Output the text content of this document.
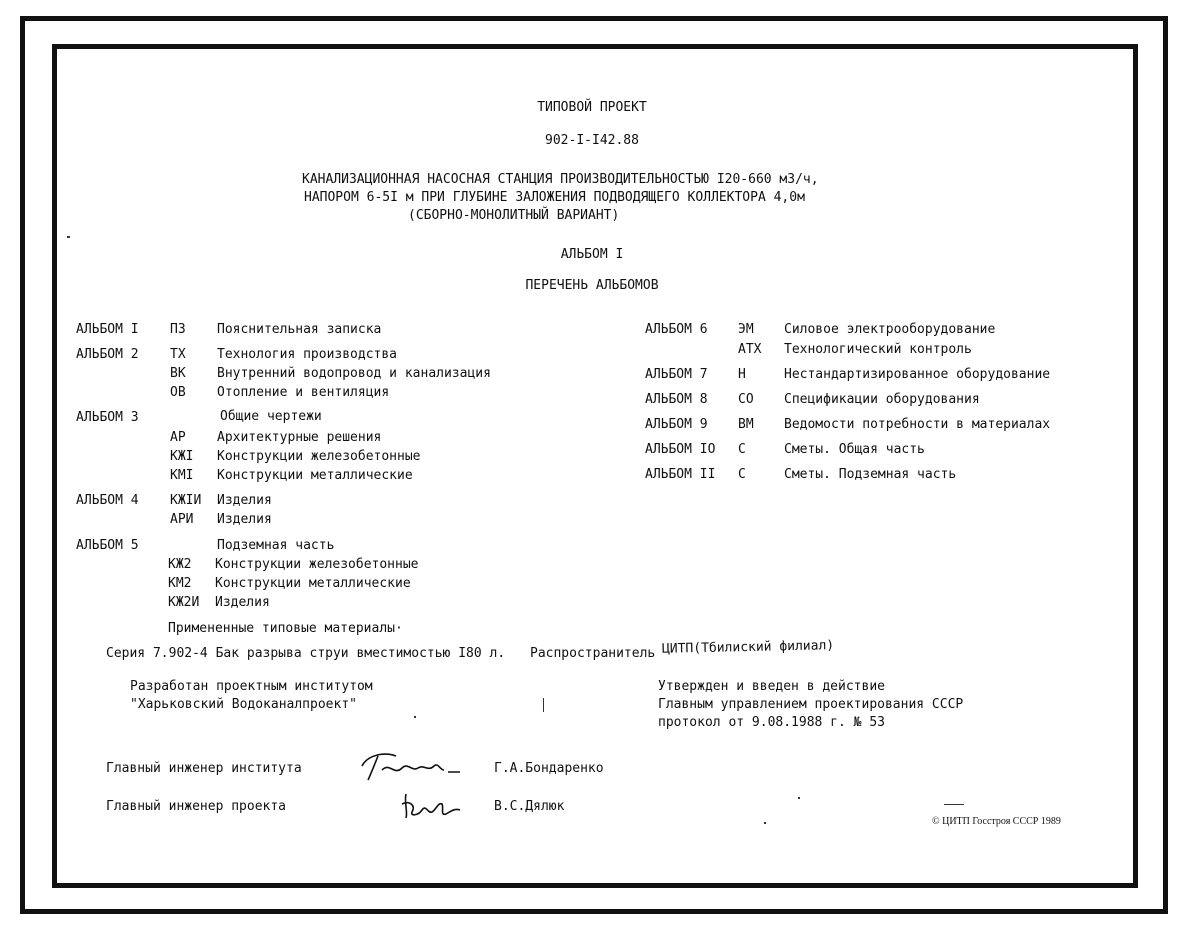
ТИПОВОЙ ПРОЕКТ
902-I-I42.88
КАНАЛИЗАЦИОННАЯ НАСОСНАЯ СТАНЦИЯ ПРОИЗВОДИТЕЛЬНОСТЬЮ I20-660 м3/ч,
НАПОРОМ 6-5I м ПРИ ГЛУБИНЕ ЗАЛОЖЕНИЯ ПОДВОДЯЩЕГО КОЛЛЕКТОРА 4,0м
(СБОРНО-МОНОЛИТНЫЙ ВАРИАНТ)
АЛЬБОМ I
ПЕРЕЧЕНЬ АЛЬБОМОВ
АЛЬБОМ I ПЗ Пояснительная записка
АЛЬБОМ 2 ТХ Технология производства
ВК Внутренний водопровод и канализация
ОВ Отопление и вентиляция
АЛЬБОМ 3	Общие чертежи
АР Архитектурные решения
КЖI Конструкции железобетонные
КМI Конструкции металлические
АЛЬБОМ 4 КЖIИ Изделия
АРИ Изделия
АЛЬБОМ 5	Подземная часть
КЖ2 Конструкции железобетонные
КМ2 Конструкции металлические
КЖ2И Изделия
Примененные типовые материалы·
АЛЬБОМ 6 ЭМ Силовое электрооборудование
АТХ Технологический контроль
АЛЬБОМ 7 Н	Нестандартизированное оборудование
АЛЬБОМ 8 СО Спецификации оборудования
АЛЬБОМ 9 ВМ Ведомости потребности в материалах
АЛЬБОМ IO С	Сметы. Общая часть
АЛЬБОМ II С	Сметы. Подземная часть
Серия 7.902-4 Бак разрыва струи вместимостью I80 л. Распространитель ЦИТП(Тбилиский филиал)
Разработан проектным институтом
"Харьковский Водоканалпроект"
Утвержден и введен в действие
Главным управлением проектирования СССР
протокол от 9.08.1988 г. № 53
Главный инженер института	Г.А.Бондаренко
Главный инженер проекта	В.С.Дялюк
© ЦИТП Госстроя СССР 1989
